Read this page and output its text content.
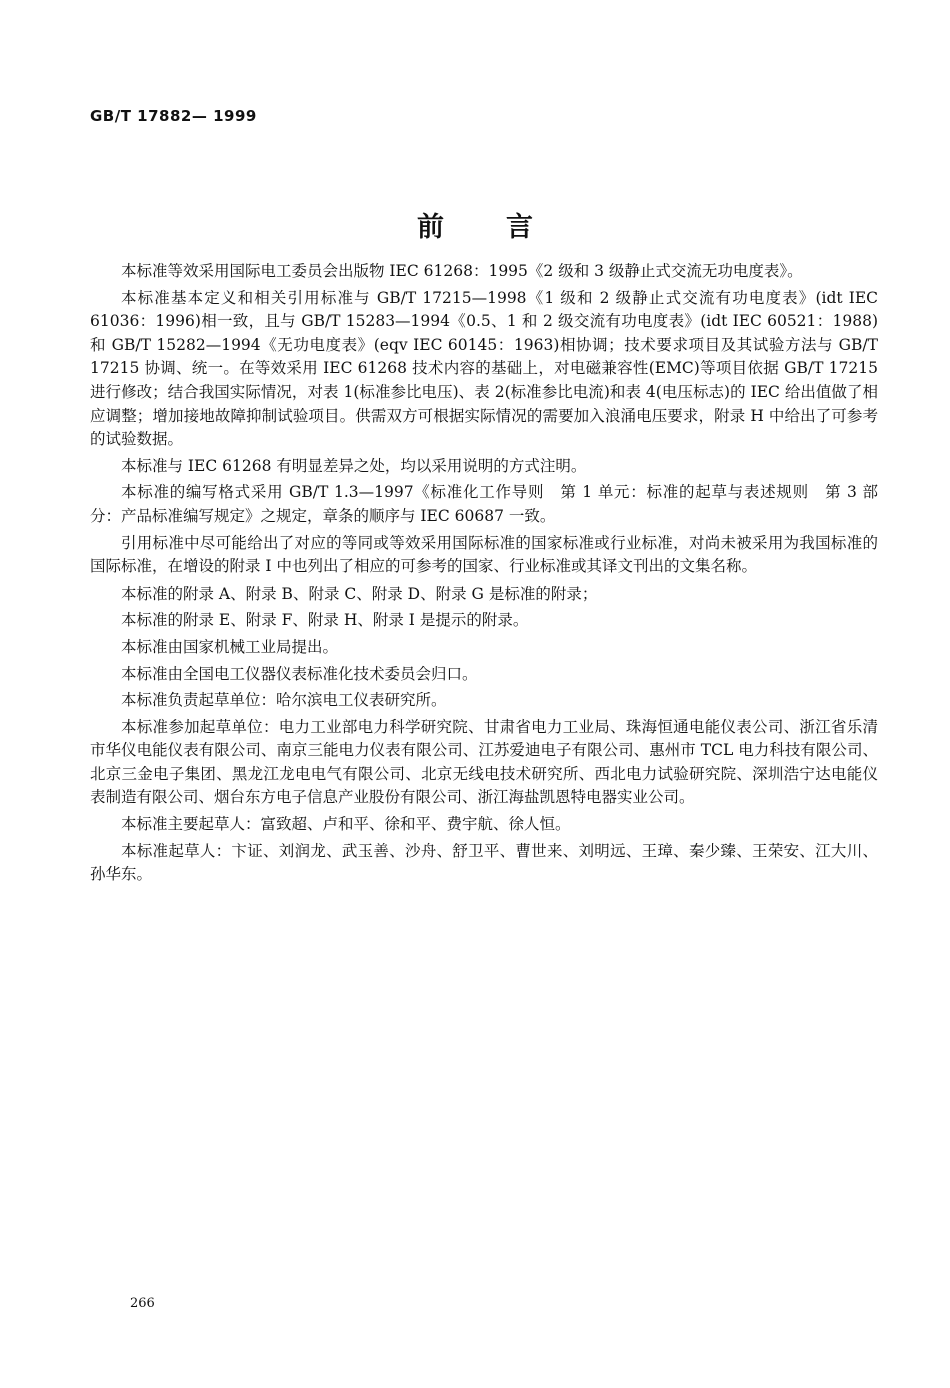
GB/T 17882— 1999
前言

本标准等效采用国际电工委员会出版物 IEC 61268：1995《2 级和 3 级静止式交流无功电度表》。

本标准基本定义和相关引用标准与 GB/T 17215—1998《1 级和 2 级静止式交流有功电度表》(idt IEC 61036：1996)相一致，且与 GB/T 15283—1994《0.5、1 和 2 级交流有功电度表》(idt IEC 60521：1988)和 GB/T 15282—1994《无功电度表》(eqv IEC 60145：1963)相协调；技术要求项目及其试验方法与 GB/T 17215 协调、统一。在等效采用 IEC 61268 技术内容的基础上，对电磁兼容性(EMC)等项目依据 GB/T 17215 进行修改；结合我国实际情况，对表 1(标准参比电压)、表 2(标准参比电流)和表 4(电压标志)的 IEC 给出值做了相应调整；增加接地故障抑制试验项目。供需双方可根据实际情况的需要加入浪涌电压要求，附录 H 中给出了可参考的试验数据。

本标准与 IEC 61268 有明显差异之处，均以采用说明的方式注明。

本标准的编写格式采用 GB/T 1.3—1997《标准化工作导则　第 1 单元：标准的起草与表述规则　第 3 部分：产品标准编写规定》之规定，章条的顺序与 IEC 60687 一致。

引用标准中尽可能给出了对应的等同或等效采用国际标准的国家标准或行业标准，对尚未被采用为我国标准的国际标准，在增设的附录 I 中也列出了相应的可参考的国家、行业标准或其译文刊出的文集名称。

本标准的附录 A、附录 B、附录 C、附录 D、附录 G 是标准的附录；

本标准的附录 E、附录 F、附录 H、附录 I 是提示的附录。

本标准由国家机械工业局提出。

本标准由全国电工仪器仪表标准化技术委员会归口。

本标准负责起草单位：哈尔滨电工仪表研究所。

本标准参加起草单位：电力工业部电力科学研究院、甘肃省电力工业局、珠海恒通电能仪表公司、浙江省乐清市华仪电能仪表有限公司、南京三能电力仪表有限公司、江苏爱迪电子有限公司、惠州市 TCL 电力科技有限公司、北京三金电子集团、黑龙江龙电电气有限公司、北京无线电技术研究所、西北电力试验研究院、深圳浩宁达电能仪表制造有限公司、烟台东方电子信息产业股份有限公司、浙江海盐凯恩特电器实业公司。

本标准主要起草人：富致超、卢和平、徐和平、费宇航、徐人恒。

本标准起草人：卞证、刘润龙、武玉善、沙舟、舒卫平、曹世来、刘明远、王璋、秦少臻、王荣安、江大川、孙华东。

266
